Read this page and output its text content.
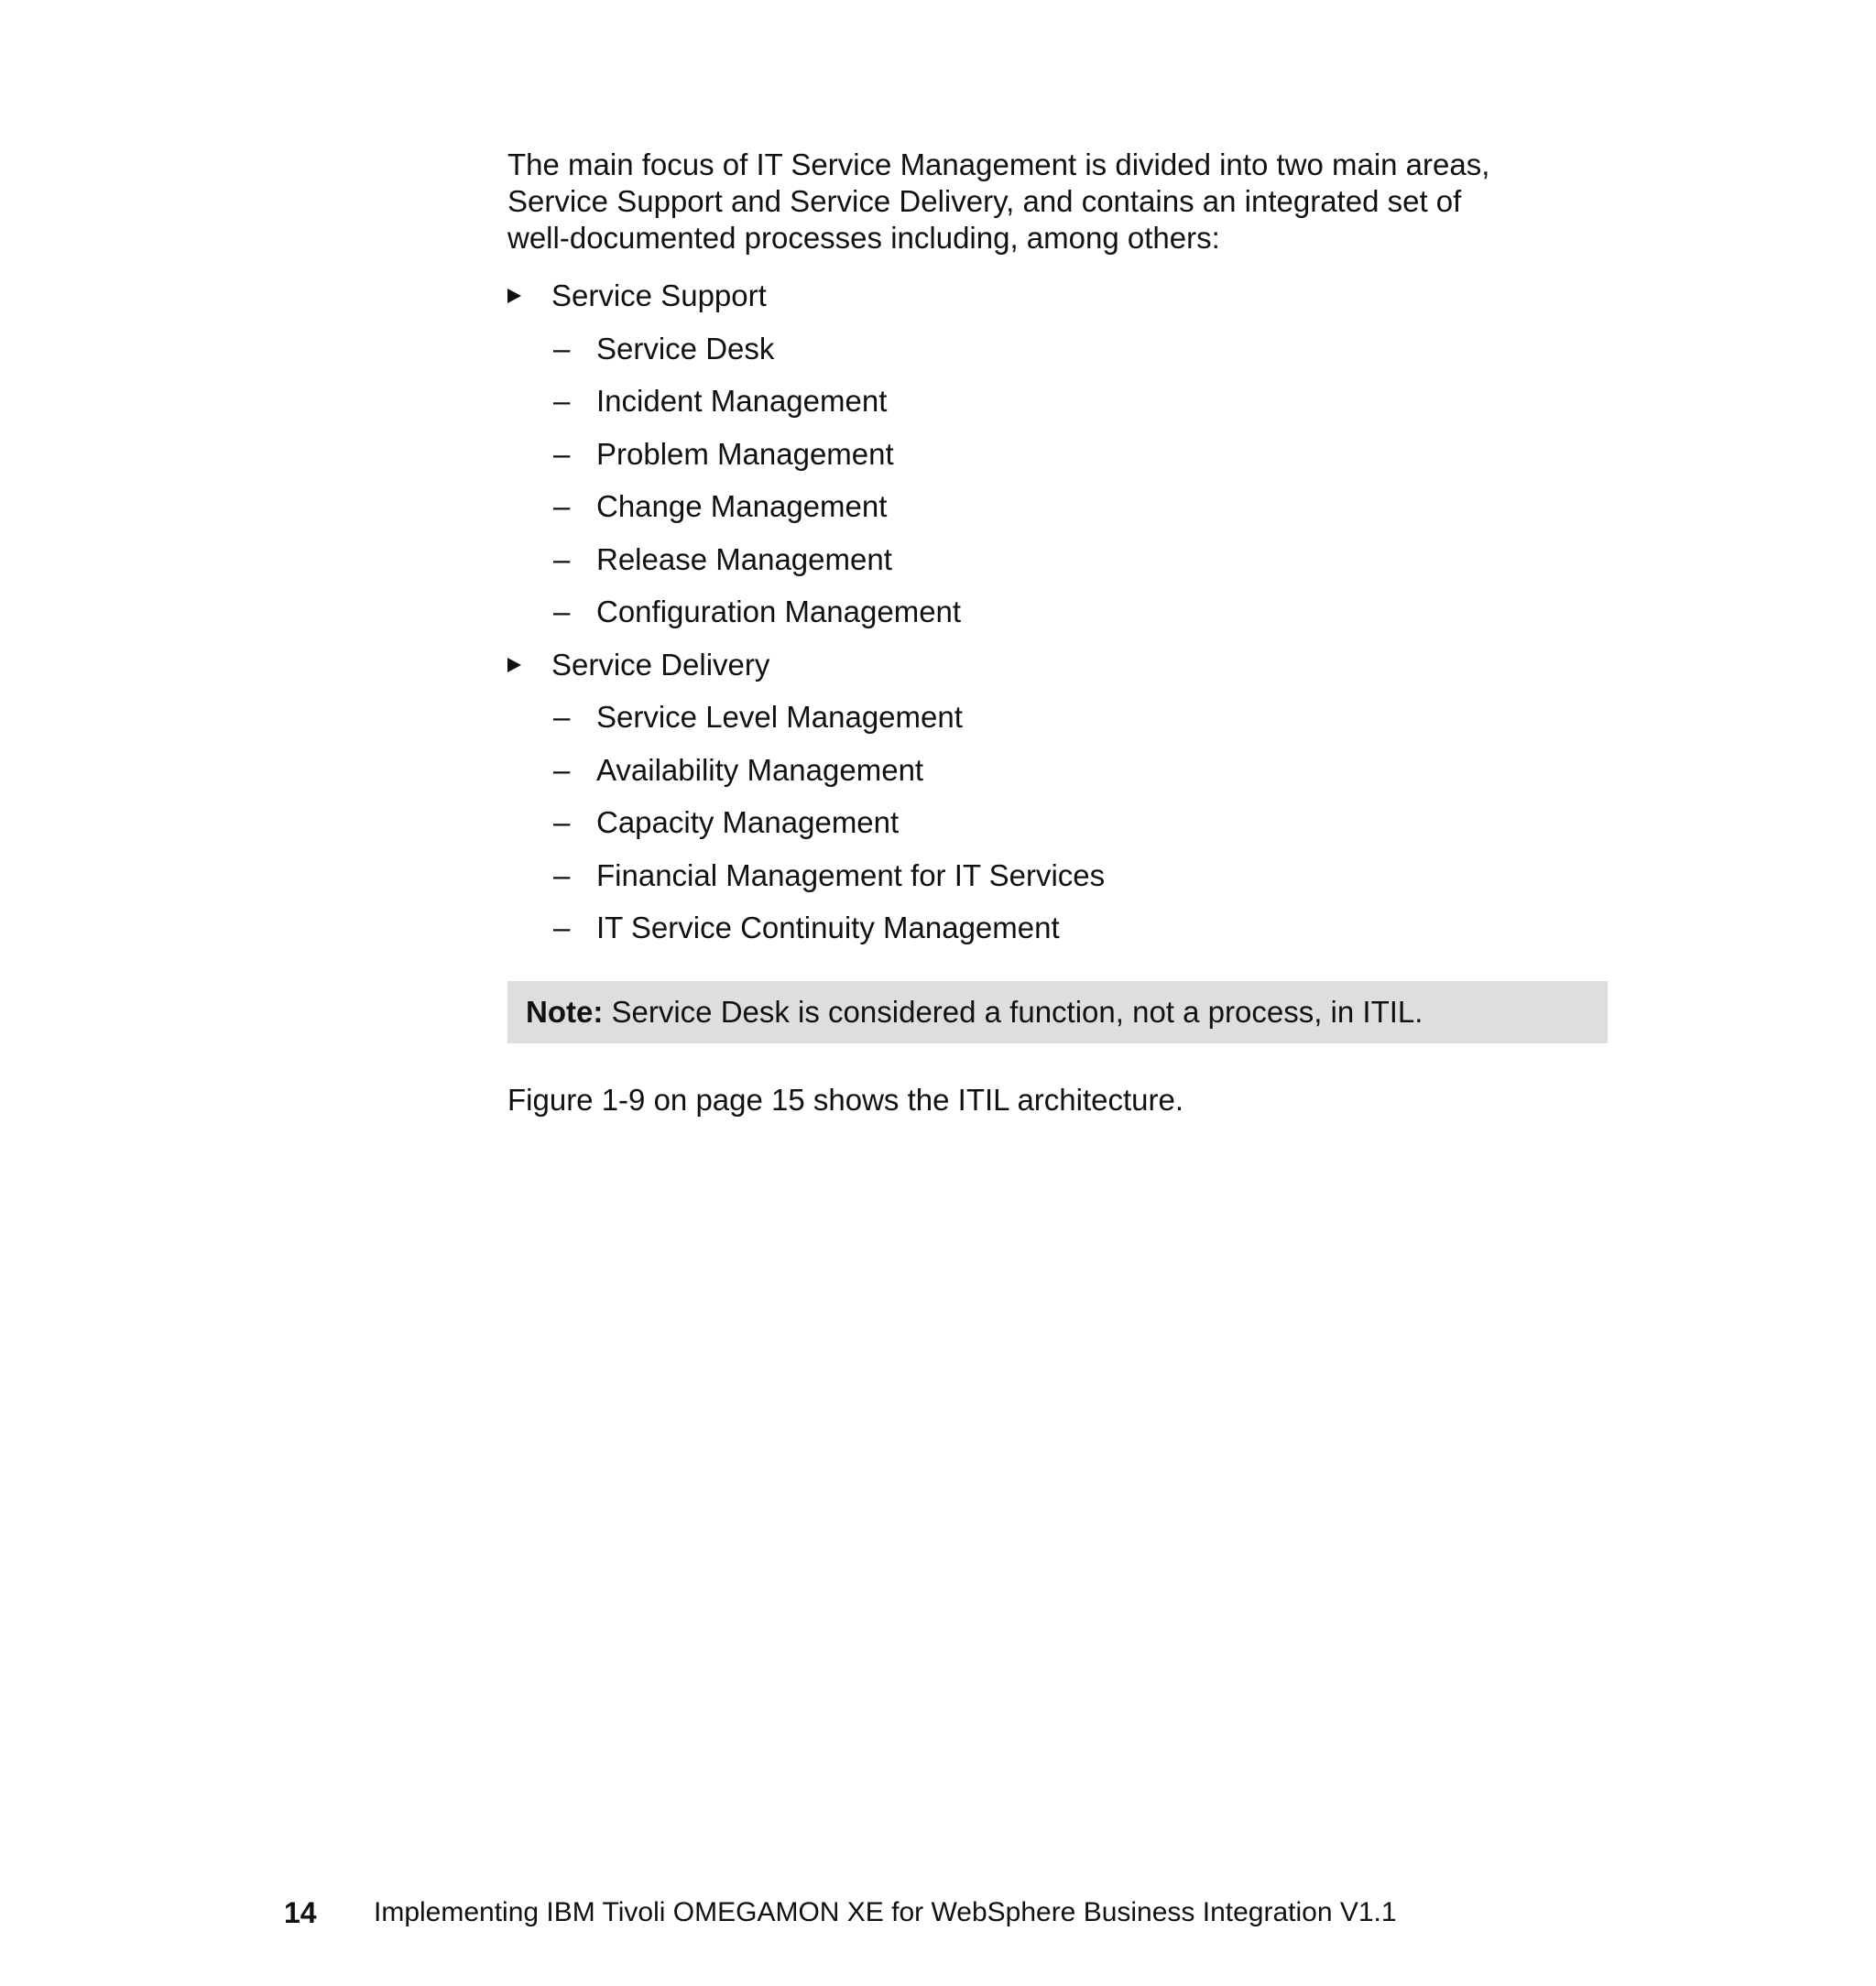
The main focus of IT Service Management is divided into two main areas,
Service Support and Service Delivery, and contains an integrated set of
well-documented processes including, among others:

Service Support
– Service Desk
– Incident Management
– Problem Management
– Change Management
– Release Management
– Configuration Management
Service Delivery
– Service Level Management
– Availability Management
– Capacity Management
– Financial Management for IT Services
– IT Service Continuity Management
Note: Service Desk is considered a function, not a process, in ITIL.

Figure 1-9 on page 15 shows the ITIL architecture.

14 Implementing IBM Tivoli OMEGAMON XE for WebSphere Business Integration V1.1
